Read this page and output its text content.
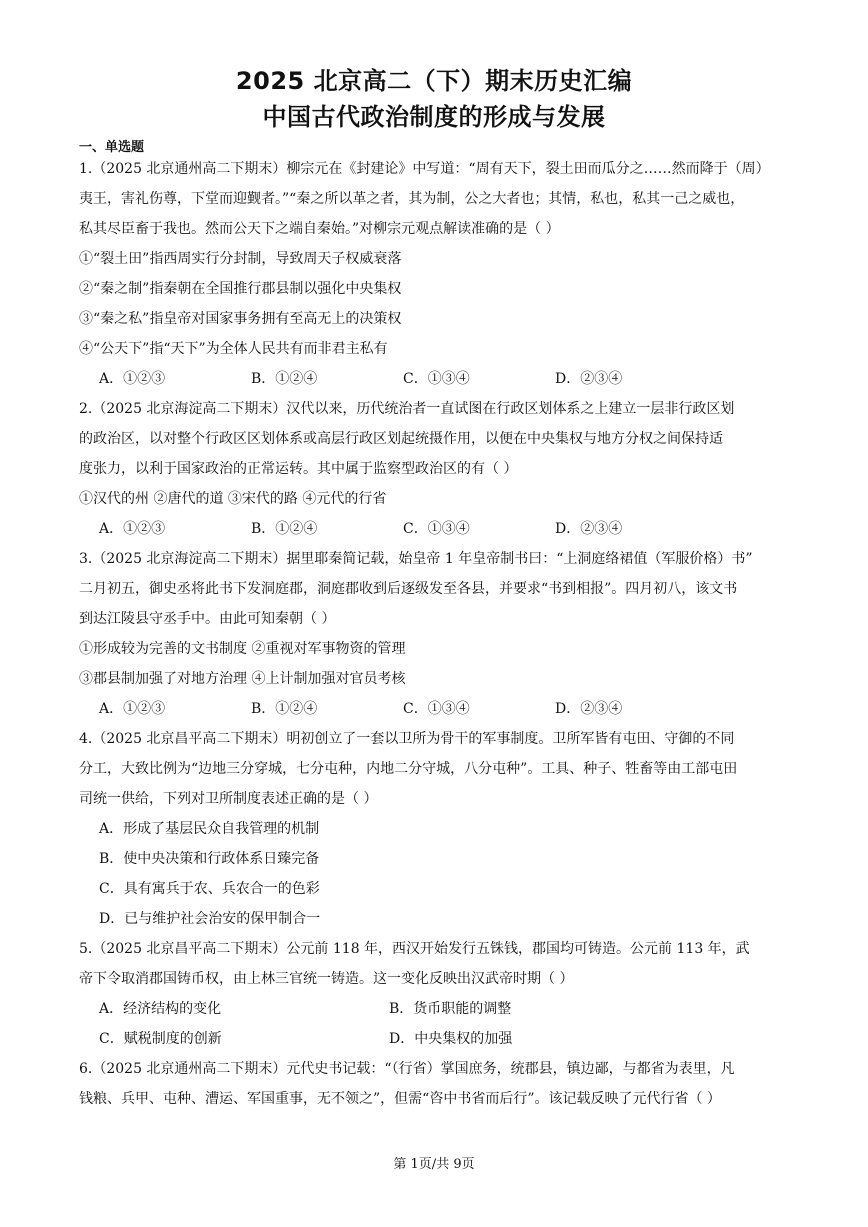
2025 北京高二（下）期末历史汇编
中国古代政治制度的形成与发展
一、单选题
1.（2025 北京通州高二下期末）柳宗元在《封建论》中写道：“周有天下，裂土田而瓜分之……然而降于（周）
夷王，害礼伤尊，下堂而迎觐者。”“秦之所以革之者，其为制，公之大者也；其情，私也，私其一己之威也，
私其尽臣畜于我也。然而公天下之端自秦始。”对柳宗元观点解读准确的是（ ）
①“裂土田”指西周实行分封制，导致周天子权威衰落
②“秦之制”指秦朝在全国推行郡县制以强化中央集权
③“秦之私”指皇帝对国家事务拥有至高无上的决策权
④“公天下”指“天下”为全体人民共有而非君主私有
A．①②③	B．①②④	C．①③④	D．②③④
2.（2025 北京海淀高二下期末）汉代以来，历代统治者一直试图在行政区划体系之上建立一层非行政区划
的政治区，以对整个行政区区划体系或高层行政区划起统摄作用，以便在中央集权与地方分权之间保持适
度张力，以利于国家政治的正常运转。其中属于监察型政治区的有（ ）
①汉代的州 ②唐代的道 ③宋代的路 ④元代的行省
A．①②③	B．①②④	C．①③④	D．②③④
3.（2025 北京海淀高二下期末）据里耶秦简记载，始皇帝 1 年皇帝制书曰：“上洞庭络裙值（军服价格）书”
二月初五，御史丞将此书下发洞庭郡，洞庭郡收到后逐级发至各县，并要求“书到相报”。四月初八，该文书
到达江陵县守丞手中。由此可知秦朝（ ）
①形成较为完善的文书制度 ②重视对军事物资的管理
③郡县制加强了对地方治理 ④上计制加强对官员考核
A．①②③	B．①②④	C．①③④	D．②③④
4.（2025 北京昌平高二下期末）明初创立了一套以卫所为骨干的军事制度。卫所军皆有屯田、守御的不同
分工，大致比例为“边地三分穿城，七分屯种，内地二分守城，八分屯种”。工具、种子、牲畜等由工部屯田
司统一供给，下列对卫所制度表述正确的是（ ）
A．形成了基层民众自我管理的机制
B．使中央决策和行政体系日臻完备
C．具有寓兵于农、兵农合一的色彩
D．已与维护社会治安的保甲制合一
5.（2025 北京昌平高二下期末）公元前 118 年，西汉开始发行五铢钱，郡国均可铸造。公元前 113 年，武
帝下令取消郡国铸币权，由上林三官统一铸造。这一变化反映出汉武帝时期（ ）
A．经济结构的变化	B．货币职能的调整
C．赋税制度的创新	D．中央集权的加强
6.（2025 北京通州高二下期末）元代史书记载：“（行省）掌国庶务，统郡县，镇边鄙，与都省为表里，凡
钱粮、兵甲、屯种、漕运、军国重事，无不领之”，但需“咨中书省而后行”。该记载反映了元代行省（ ）
第 1页/共 9页
